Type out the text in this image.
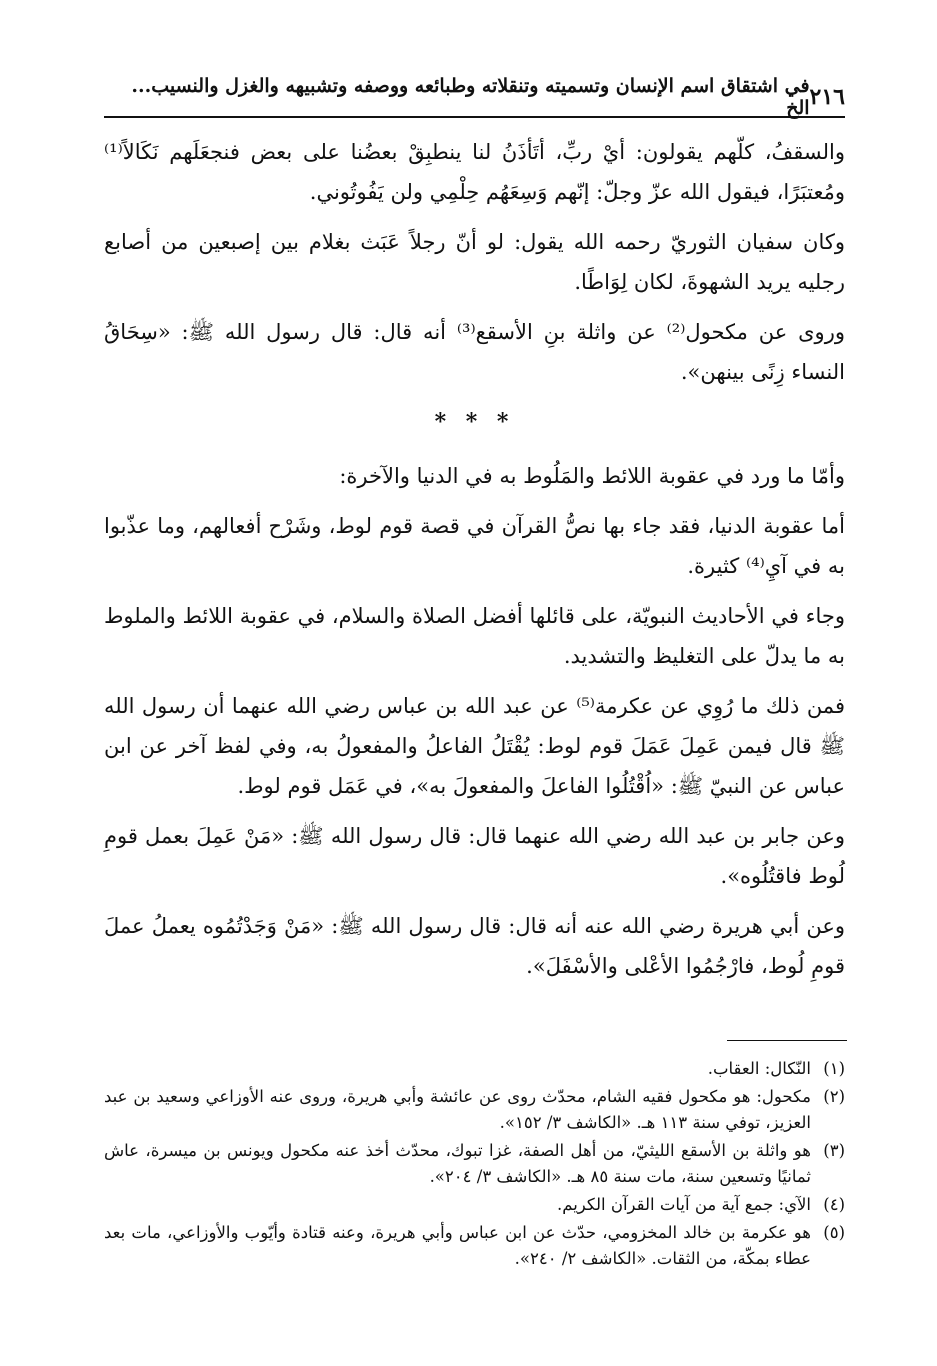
٢١٦
في اشتقاق اسم الإنسان وتسميته وتنقلاته وطبائعه ووصفه وتشبيهه والغزل والنسيب... الخ

والسقفُ، كلّهم يقولون: أيْ ربِّ، أتَأذَنُ لنا ينطبِقْ بعضُنا على بعض فنجعَلَهم نَكَالاً⁽¹⁾ ومُعتبَرًا، فيقول الله عزّ وجلّ: إنّهم وَسِعَهُم حِلْمِي ولن يَفُوتُوني.

وكان سفيان الثوريّ رحمه الله يقول: لو أنّ رجلاً عَبَث بغلام بين إصبعين من أصابع رجليه يريد الشهوةَ، لكان لِوَاطًا.

وروى عن مكحول⁽²⁾ عن واثلة بنِ الأسقع⁽³⁾ أنه قال: قال رسول الله ﷺ: «سِحَاقُ النساء زِنًى بينهن».

* * *

وأمّا ما ورد في عقوبة اللائط والمَلُوط به في الدنيا والآخرة:

أما عقوبة الدنيا، فقد جاء بها نصُّ القرآن في قصة قوم لوط، وشَرْح أفعالهم، وما عذّبوا به في آيِ⁽⁴⁾ كثيرة.

وجاء في الأحاديث النبويّة، على قائلها أفضل الصلاة والسلام، في عقوبة اللائط والملوط به ما يدلّ على التغليظ والتشديد.

فمن ذلك ما رُوِي عن عكرمة⁽⁵⁾ عن عبد الله بن عباس رضي الله عنهما أن رسول الله ﷺ قال فيمن عَمِلَ عَمَلَ قوم لوط: يُقْتَلُ الفاعلُ والمفعولُ به، وفي لفظ آخر عن ابن عباس عن النبيّ ﷺ: «اُقْتُلُوا الفاعلَ والمفعولَ به»، في عَمَل قوم لوط.

وعن جابر بن عبد الله رضي الله عنهما قال: قال رسول الله ﷺ: «مَنْ عَمِلَ بعمل قومِ لُوط فاقتُلُوه».

وعن أبي هريرة رضي الله عنه أنه قال: قال رسول الله ﷺ: «مَنْ وَجَدْتُمُوه يعملُ عملَ قومِ لُوط، فارْجُمُوا الأعْلى والأسْفَلَ».

(١)
النّكال: العقاب.
(٢)
مكحول: هو مكحول فقيه الشام، محدّث روى عن عائشة وأبي هريرة، وروى عنه الأوزاعي وسعيد بن عبد العزيز، توفي سنة ١١٣ هـ. «الكاشف ٣/ ١٥٢».
(٣)
هو واثلة بن الأسقع الليثيّ، من أهل الصفة، غزا تبوك، محدّث أخذ عنه مكحول ويونس بن ميسرة، عاش ثمانيًا وتسعين سنة، مات سنة ٨٥ هـ. «الكاشف ٣/ ٢٠٤».
(٤)
الآي: جمع آية من آيات القرآن الكريم.
(٥)
هو عكرمة بن خالد المخزومي، حدّث عن ابن عباس وأبي هريرة، وعنه قتادة وأيّوب والأوزاعي، مات بعد عطاء بمكّة، من الثقات. «الكاشف ٢/ ٢٤٠».
